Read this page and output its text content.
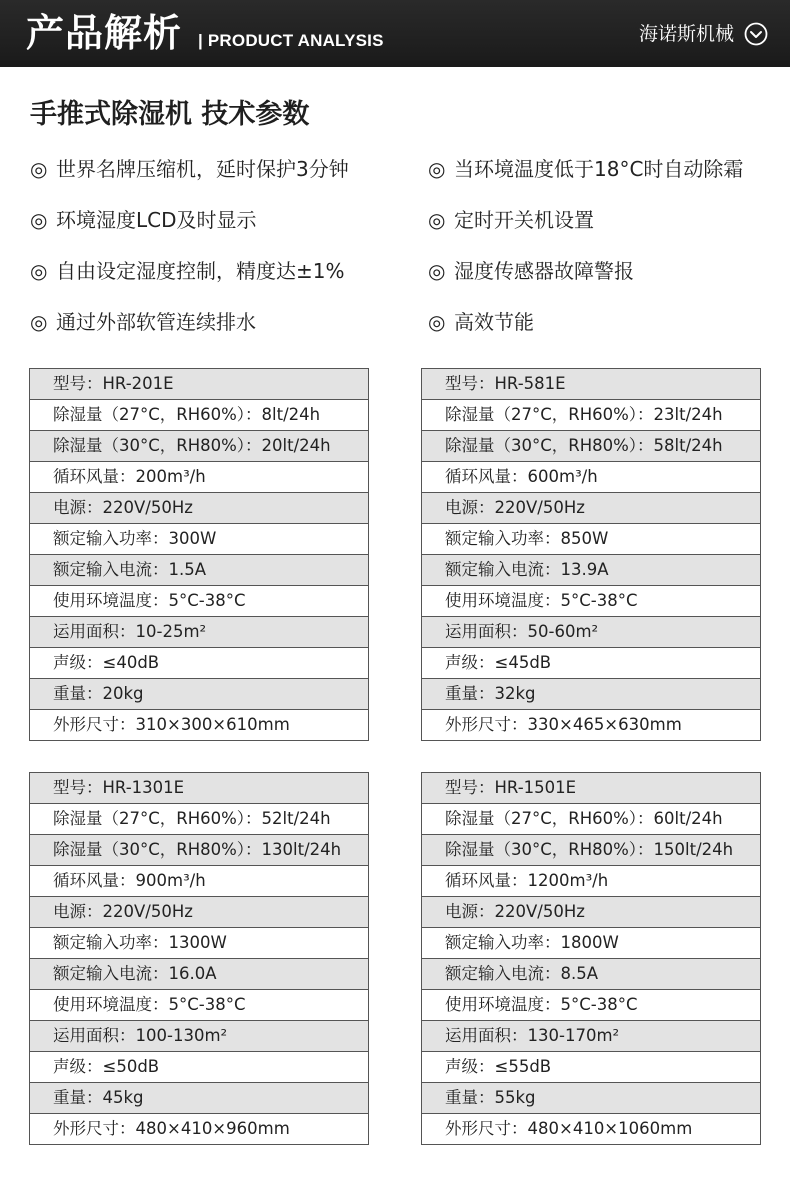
产品解析 | PRODUCT ANALYSIS	海诺斯机械
手推式除湿机 技术参数
◎ 世界名牌压缩机，延时保护3分钟	◎ 当环境温度低于18°C时自动除霜
◎ 环境湿度LCD及时显示	◎ 定时开关机设置
◎ 自由设定湿度控制，精度达±1%	◎ 湿度传感器故障警报
◎ 通过外部软管连续排水	◎ 高效节能
型号：HR-201E
除湿量（27°C，RH60%）：8lt/24h
除湿量（30°C，RH80%）：20lt/24h
循环风量：200m³/h
电源：220V/50Hz
额定输入功率：300W
额定输入电流：1.5A
使用环境温度：5°C-38°C
运用面积：10-25m²
声级：≤40dB
重量：20kg
外形尺寸：310×300×610mm
型号：HR-581E
除湿量（27°C，RH60%）：23lt/24h
除湿量（30°C，RH80%）：58lt/24h
循环风量：600m³/h
电源：220V/50Hz
额定输入功率：850W
额定输入电流：13.9A
使用环境温度：5°C-38°C
运用面积：50-60m²
声级：≤45dB
重量：32kg
外形尺寸：330×465×630mm
型号：HR-1301E
除湿量（27°C，RH60%）：52lt/24h
除湿量（30°C，RH80%）：130lt/24h
循环风量：900m³/h
电源：220V/50Hz
额定输入功率：1300W
额定输入电流：16.0A
使用环境温度：5°C-38°C
运用面积：100-130m²
声级：≤50dB
重量：45kg
外形尺寸：480×410×960mm
型号：HR-1501E
除湿量（27°C，RH60%）：60lt/24h
除湿量（30°C，RH80%）：150lt/24h
循环风量：1200m³/h
电源：220V/50Hz
额定输入功率：1800W
额定输入电流：8.5A
使用环境温度：5°C-38°C
运用面积：130-170m²
声级：≤55dB
重量：55kg
外形尺寸：480×410×1060mm
